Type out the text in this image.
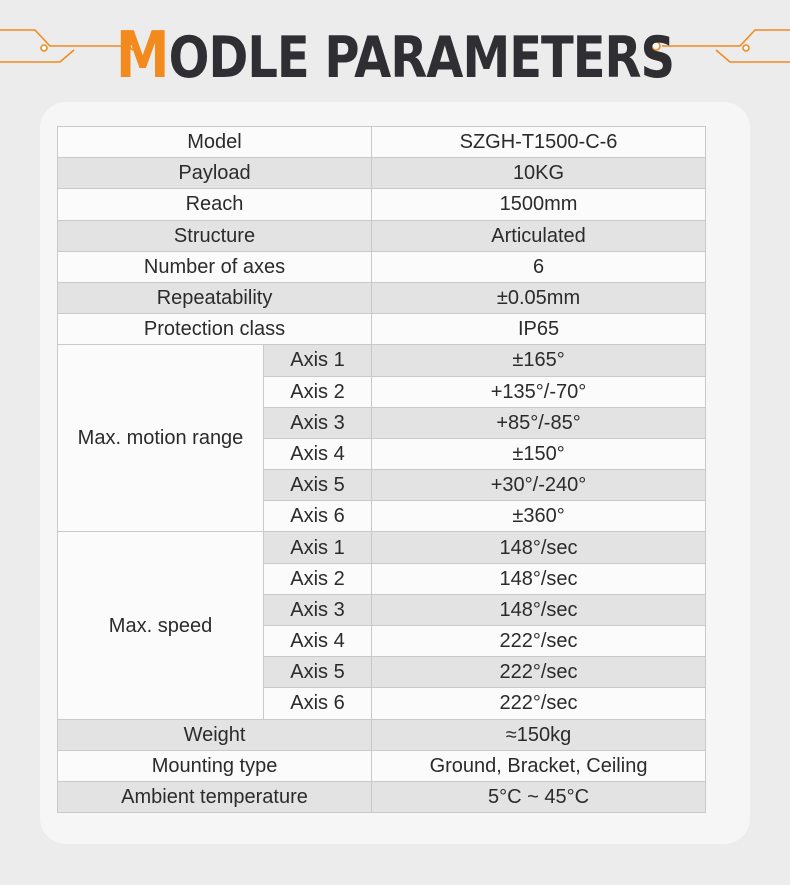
MODLE PARAMETERS
Model		SZGH-T1500-C-6
Payload		10KG
Reach		1500mm
Structure		Articulated
Number of axes		6
Repeatability		±0.05mm
Protection class		IP65
Max. motion range	Axis 1	±165°
	Axis 2	+135°/-70°
	Axis 3	+85°/-85°
	Axis 4	±150°
	Axis 5	+30°/-240°
	Axis 6	±360°
Max. speed	Axis 1	148°/sec
	Axis 2	148°/sec
	Axis 3	148°/sec
	Axis 4	222°/sec
	Axis 5	222°/sec
	Axis 6	222°/sec
Weight		≈150kg
Mounting type		Ground, Bracket, Ceiling
Ambient temperature		5°C ~ 45°C
